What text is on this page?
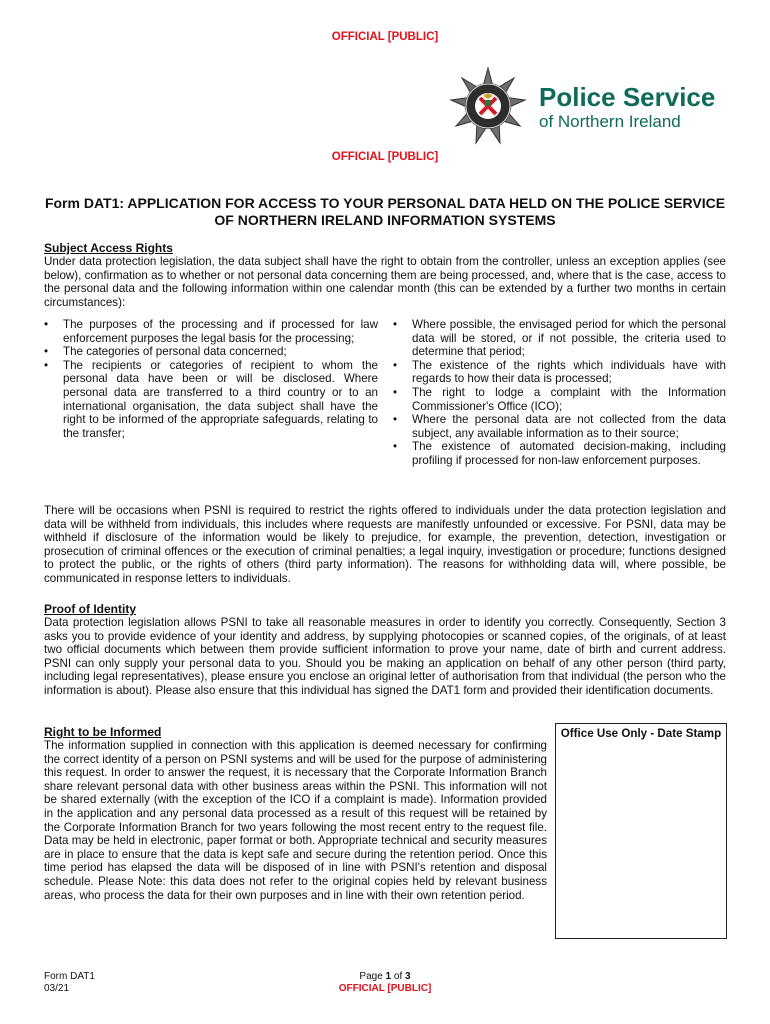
OFFICIAL [PUBLIC]
Police Service
of Northern Ireland
OFFICIAL [PUBLIC]
Form DAT1: APPLICATION FOR ACCESS TO YOUR PERSONAL DATA HELD ON THE POLICE SERVICE OF NORTHERN IRELAND INFORMATION SYSTEMS
Subject Access Rights
Under data protection legislation, the data subject shall have the right to obtain from the controller, unless an exception applies (see below), confirmation as to whether or not personal data concerning them are being processed, and, where that is the case, access to the personal data and the following information within one calendar month (this can be extended by a further two months in certain circumstances):
• The purposes of the processing and if processed for law enforcement purposes the legal basis for the processing;
• The categories of personal data concerned;
• The recipients or categories of recipient to whom the personal data have been or will be disclosed. Where personal data are transferred to a third country or to an international organisation, the data subject shall have the right to be informed of the appropriate safeguards, relating to the transfer;
• Where possible, the envisaged period for which the personal data will be stored, or if not possible, the criteria used to determine that period;
• The existence of the rights which individuals have with regards to how their data is processed;
• The right to lodge a complaint with the Information Commissioner's Office (ICO);
• Where the personal data are not collected from the data subject, any available information as to their source;
• The existence of automated decision-making, including profiling if processed for non-law enforcement purposes.
There will be occasions when PSNI is required to restrict the rights offered to individuals under the data protection legislation and data will be withheld from individuals, this includes where requests are manifestly unfounded or excessive. For PSNI, data may be withheld if disclosure of the information would be likely to prejudice, for example, the prevention, detection, investigation or prosecution of criminal offences or the execution of criminal penalties; a legal inquiry, investigation or procedure; functions designed to protect the public, or the rights of others (third party information). The reasons for withholding data will, where possible, be communicated in response letters to individuals.
Proof of Identity
Data protection legislation allows PSNI to take all reasonable measures in order to identify you correctly. Consequently, Section 3 asks you to provide evidence of your identity and address, by supplying photocopies or scanned copies, of the originals, of at least two official documents which between them provide sufficient information to prove your name, date of birth and current address. PSNI can only supply your personal data to you. Should you be making an application on behalf of any other person (third party, including legal representatives), please ensure you enclose an original letter of authorisation from that individual (the person who the information is about). Please also ensure that this individual has signed the DAT1 form and provided their identification documents.
Right to be Informed
The information supplied in connection with this application is deemed necessary for confirming the correct identity of a person on PSNI systems and will be used for the purpose of administering this request. In order to answer the request, it is necessary that the Corporate Information Branch share relevant personal data with other business areas within the PSNI. This information will not be shared externally (with the exception of the ICO if a complaint is made). Information provided in the application and any personal data processed as a result of this request will be retained by the Corporate Information Branch for two years following the most recent entry to the request file. Data may be held in electronic, paper format or both. Appropriate technical and security measures are in place to ensure that the data is kept safe and secure during the retention period. Once this time period has elapsed the data will be disposed of in line with PSNI's retention and disposal schedule. Please Note: this data does not refer to the original copies held by relevant business areas, who process the data for their own purposes and in line with their own retention period.
Office Use Only - Date Stamp
Form DAT1
03/21
Page 1 of 3
OFFICIAL [PUBLIC]
